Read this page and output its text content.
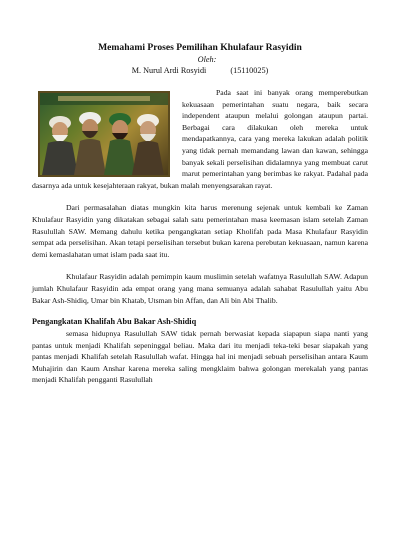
Memahami Proses Pemilihan Khulafaur Rasyidin
Oleh:
M. Nurul Ardi Rosyidi	(15110025)

Pada saat ini banyak orang memperebutkan kekuasaan pemerintahan suatu negara, baik secara independent ataupun melalui golongan ataupun partai. Berbagai cara dilakukan oleh mereka untuk mendapatkannya, cara yang mereka lakukan adalah politik yang tidak pernah memandang lawan dan kawan, sehingga banyak sekali perselisihan didalamnya yang membuat carut marut pemerintahan yang berimbas ke rakyat. Padahal pada dasarnya ada untuk kesejahteraan rakyat, bukan malah menyengsarakan rayat.

Dari permasalahan diatas mungkin kita harus merenung sejenak untuk kembali ke Zaman Khulafaur Rasyidin yang dikatakan sebagai salah satu pemerintahan masa keemasan islam setelah Zaman Rasulullah SAW. Memang dahulu ketika pengangkatan setiap Kholifah pada Masa Khulafaur Rasyidin sempat ada perselisihan. Akan tetapi perselisihan tersebut bukan karena perebutan kekuasaan, namun karena demi kemaslahatan umat islam pada saat itu.

Khulafaur Rasyidin adalah pemimpin kaum muslimin setelah wafatnya Rasulullah SAW. Adapun jumlah Khulafaur Rasyidin ada empat orang yang mana semuanya adalah sahabat Rasulullah yaitu Abu Bakar Ash-Shidiq, Umar bin Khatab, Utsman bin Affan, dan Ali bin Abi Thalib.

Pengangkatan Khalifah Abu Bakar Ash-Shidiq

semasa hidupnya Rasulullah SAW tidak pernah berwasiat kepada siapapun siapa nanti yang pantas untuk menjadi Khalifah sepeninggal beliau. Maka dari itu menjadi teka-teki besar siapakah yang pantas menjadi Khalifah setelah Rasulullah wafat. Hingga hal ini menjadi sebuah perselisihan antara Kaum Muhajirin dan Kaum Anshar karena mereka saling mengklaim bahwa golongan merekalah yang pantas menjadi Khalifah pengganti Rasulullah
